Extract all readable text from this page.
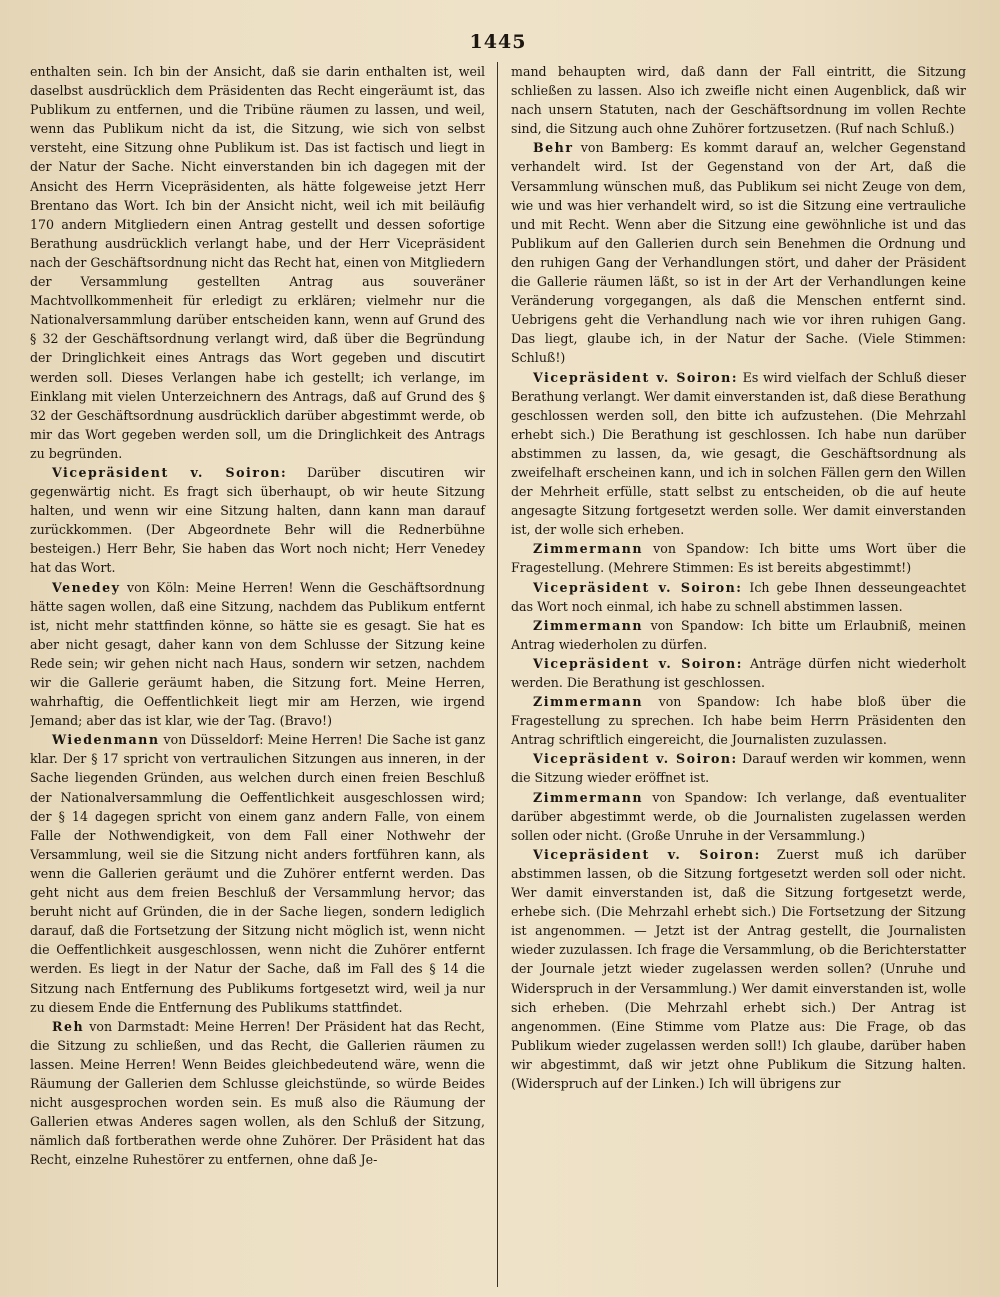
1445

enthalten sein. Ich bin der Ansicht, daß sie darin enthalten ist, weil daselbst ausdrücklich dem Präsidenten das Recht eingeräumt ist, das Publikum zu entfernen, und die Tribüne räumen zu lassen, und weil, wenn das Publikum nicht da ist, die Sitzung, wie sich von selbst versteht, eine Sitzung ohne Publikum ist. Das ist factisch und liegt in der Natur der Sache. Nicht einverstanden bin ich dagegen mit der Ansicht des Herrn Vicepräsidenten, als hätte folgeweise jetzt Herr Brentano das Wort. Ich bin der Ansicht nicht, weil ich mit beiläufig 170 andern Mitgliedern einen Antrag gestellt und dessen sofortige Berathung ausdrücklich verlangt habe, und der Herr Vicepräsident nach der Geschäftsordnung nicht das Recht hat, einen von Mitgliedern der Versammlung gestellten Antrag aus souveräner Machtvollkommenheit für erledigt zu erklären; vielmehr nur die Nationalversammlung darüber entscheiden kann, wenn auf Grund des § 32 der Geschäftsordnung verlangt wird, daß über die Begründung der Dringlichkeit eines Antrags das Wort gegeben und discutirt werden soll. Dieses Verlangen habe ich gestellt; ich verlange, im Einklang mit vielen Unterzeichnern des Antrags, daß auf Grund des § 32 der Geschäftsordnung ausdrücklich darüber abgestimmt werde, ob mir das Wort gegeben werden soll, um die Dringlichkeit des Antrags zu begründen.

Vicepräsident v. Soiron: Darüber discutiren wir gegenwärtig nicht. Es fragt sich überhaupt, ob wir heute Sitzung halten, und wenn wir eine Sitzung halten, dann kann man darauf zurückkommen. (Der Abgeordnete Behr will die Rednerbühne besteigen.) Herr Behr, Sie haben das Wort noch nicht; Herr Venedey hat das Wort.

Venedey von Köln: Meine Herren! Wenn die Geschäftsordnung hätte sagen wollen, daß eine Sitzung, nachdem das Publikum entfernt ist, nicht mehr stattfinden könne, so hätte sie es gesagt. Sie hat es aber nicht gesagt, daher kann von dem Schlusse der Sitzung keine Rede sein; wir gehen nicht nach Haus, sondern wir setzen, nachdem wir die Gallerie geräumt haben, die Sitzung fort. Meine Herren, wahrhaftig, die Oeffentlichkeit liegt mir am Herzen, wie irgend Jemand; aber das ist klar, wie der Tag. (Bravo!)

Wiedenmann von Düsseldorf: Meine Herren! Die Sache ist ganz klar. Der § 17 spricht von vertraulichen Sitzungen aus inneren, in der Sache liegenden Gründen, aus welchen durch einen freien Beschluß der Nationalversammlung die Oeffentlichkeit ausgeschlossen wird; der § 14 dagegen spricht von einem ganz andern Falle, von einem Falle der Nothwendigkeit, von dem Fall einer Nothwehr der Versammlung, weil sie die Sitzung nicht anders fortführen kann, als wenn die Gallerien geräumt und die Zuhörer entfernt werden. Das geht nicht aus dem freien Beschluß der Versammlung hervor; das beruht nicht auf Gründen, die in der Sache liegen, sondern lediglich darauf, daß die Fortsetzung der Sitzung nicht möglich ist, wenn nicht die Oeffentlichkeit ausgeschlossen, wenn nicht die Zuhörer entfernt werden. Es liegt in der Natur der Sache, daß im Fall des § 14 die Sitzung nach Entfernung des Publikums fortgesetzt wird, weil ja nur zu diesem Ende die Entfernung des Publikums stattfindet.

Reh von Darmstadt: Meine Herren! Der Präsident hat das Recht, die Sitzung zu schließen, und das Recht, die Gallerien räumen zu lassen. Meine Herren! Wenn Beides gleichbedeutend wäre, wenn die Räumung der Gallerien dem Schlusse gleichstünde, so würde Beides nicht ausgesprochen worden sein. Es muß also die Räumung der Gallerien etwas Anderes sagen wollen, als den Schluß der Sitzung, nämlich daß fortberathen werde ohne Zuhörer. Der Präsident hat das Recht, einzelne Ruhestörer zu entfernen, ohne daß Je-

mand behaupten wird, daß dann der Fall eintritt, die Sitzung schließen zu lassen. Also ich zweifle nicht einen Augenblick, daß wir nach unsern Statuten, nach der Geschäftsordnung im vollen Rechte sind, die Sitzung auch ohne Zuhörer fortzusetzen. (Ruf nach Schluß.)

Behr von Bamberg: Es kommt darauf an, welcher Gegenstand verhandelt wird. Ist der Gegenstand von der Art, daß die Versammlung wünschen muß, das Publikum sei nicht Zeuge von dem, wie und was hier verhandelt wird, so ist die Sitzung eine vertrauliche und mit Recht. Wenn aber die Sitzung eine gewöhnliche ist und das Publikum auf den Gallerien durch sein Benehmen die Ordnung und den ruhigen Gang der Verhandlungen stört, und daher der Präsident die Gallerie räumen läßt, so ist in der Art der Verhandlungen keine Veränderung vorgegangen, als daß die Menschen entfernt sind. Uebrigens geht die Verhandlung nach wie vor ihren ruhigen Gang. Das liegt, glaube ich, in der Natur der Sache. (Viele Stimmen: Schluß!)

Vicepräsident v. Soiron: Es wird vielfach der Schluß dieser Berathung verlangt. Wer damit einverstanden ist, daß diese Berathung geschlossen werden soll, den bitte ich aufzustehen. (Die Mehrzahl erhebt sich.) Die Berathung ist geschlossen. Ich habe nun darüber abstimmen zu lassen, da, wie gesagt, die Geschäftsordnung als zweifelhaft erscheinen kann, und ich in solchen Fällen gern den Willen der Mehrheit erfülle, statt selbst zu entscheiden, ob die auf heute angesagte Sitzung fortgesetzt werden solle. Wer damit einverstanden ist, der wolle sich erheben.

Zimmermann von Spandow: Ich bitte ums Wort über die Fragestellung. (Mehrere Stimmen: Es ist bereits abgestimmt!)

Vicepräsident v. Soiron: Ich gebe Ihnen desseungeachtet das Wort noch einmal, ich habe zu schnell abstimmen lassen.

Zimmermann von Spandow: Ich bitte um Erlaubniß, meinen Antrag wiederholen zu dürfen.

Vicepräsident v. Soiron: Anträge dürfen nicht wiederholt werden. Die Berathung ist geschlossen.

Zimmermann von Spandow: Ich habe bloß über die Fragestellung zu sprechen. Ich habe beim Herrn Präsidenten den Antrag schriftlich eingereicht, die Journalisten zuzulassen.

Vicepräsident v. Soiron: Darauf werden wir kommen, wenn die Sitzung wieder eröffnet ist.

Zimmermann von Spandow: Ich verlange, daß eventualiter darüber abgestimmt werde, ob die Journalisten zugelassen werden sollen oder nicht. (Große Unruhe in der Versammlung.)

Vicepräsident v. Soiron: Zuerst muß ich darüber abstimmen lassen, ob die Sitzung fortgesetzt werden soll oder nicht. Wer damit einverstanden ist, daß die Sitzung fortgesetzt werde, erhebe sich. (Die Mehrzahl erhebt sich.) Die Fortsetzung der Sitzung ist angenommen. — Jetzt ist der Antrag gestellt, die Journalisten wieder zuzulassen. Ich frage die Versammlung, ob die Berichterstatter der Journale jetzt wieder zugelassen werden sollen? (Unruhe und Widerspruch in der Versammlung.) Wer damit einverstanden ist, wolle sich erheben. (Die Mehrzahl erhebt sich.) Der Antrag ist angenommen. (Eine Stimme vom Platze aus: Die Frage, ob das Publikum wieder zugelassen werden soll!) Ich glaube, darüber haben wir abgestimmt, daß wir jetzt ohne Publikum die Sitzung halten. (Widerspruch auf der Linken.) Ich will übrigens zur
